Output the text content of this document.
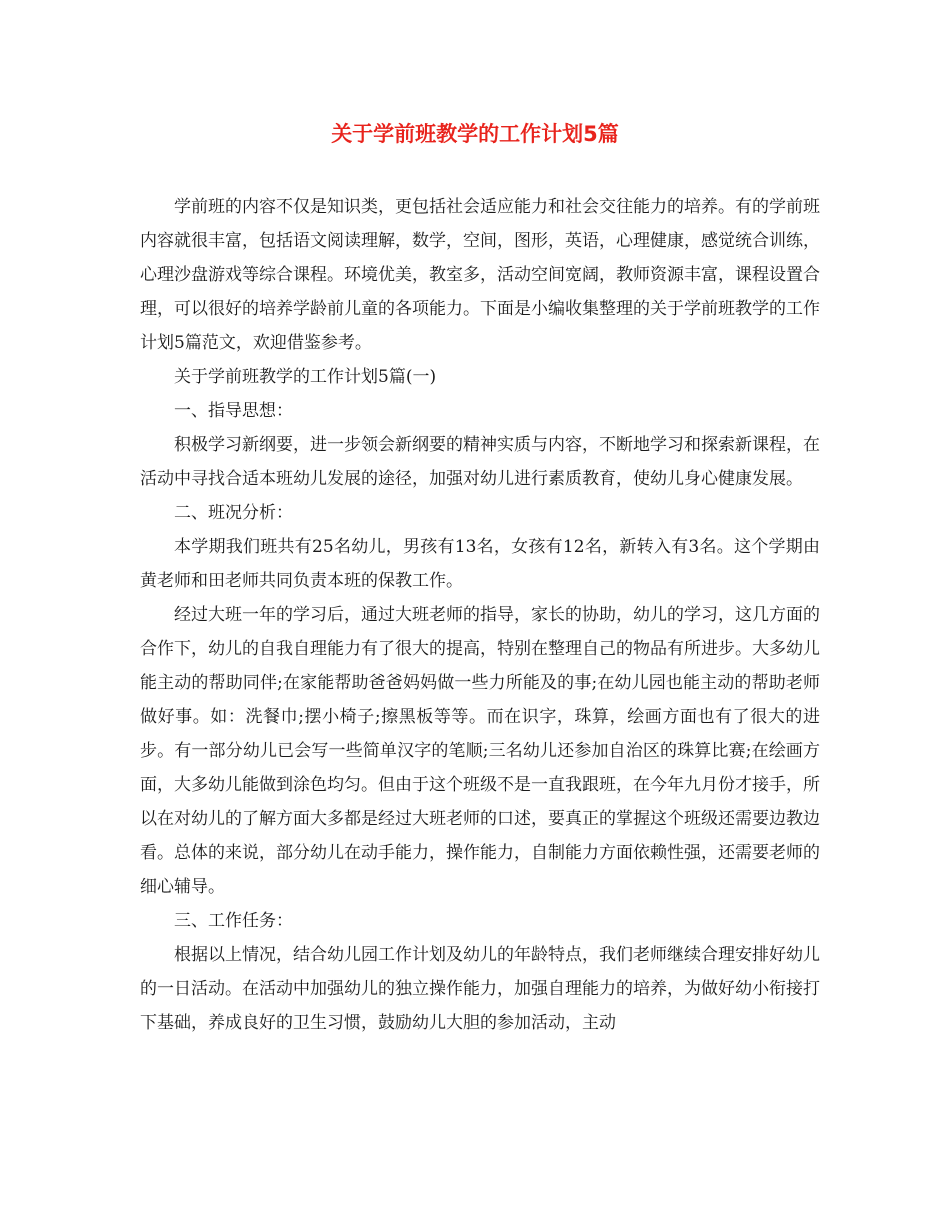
关于学前班教学的工作计划5篇

学前班的内容不仅是知识类，更包括社会适应能力和社会交往能力的培养。有的学前班内容就很丰富，包括语文阅读理解，数学，空间，图形，英语，心理健康，感觉统合训练，心理沙盘游戏等综合课程。环境优美，教室多，活动空间宽阔，教师资源丰富，课程设置合理，可以很好的培养学龄前儿童的各项能力。下面是小编收集整理的关于学前班教学的工作计划5篇范文，欢迎借鉴参考。

关于学前班教学的工作计划5篇(一)

一、指导思想：

积极学习新纲要，进一步领会新纲要的精神实质与内容，不断地学习和探索新课程，在活动中寻找合适本班幼儿发展的途径，加强对幼儿进行素质教育，使幼儿身心健康发展。

二、班况分析：

本学期我们班共有25名幼儿，男孩有13名，女孩有12名，新转入有3名。这个学期由黄老师和田老师共同负责本班的保教工作。

经过大班一年的学习后，通过大班老师的指导，家长的协助，幼儿的学习，这几方面的合作下，幼儿的自我自理能力有了很大的提高，特别在整理自己的物品有所进步。大多幼儿能主动的帮助同伴;在家能帮助爸爸妈妈做一些力所能及的事;在幼儿园也能主动的帮助老师做好事。如：洗餐巾;摆小椅子;擦黑板等等。而在识字，珠算，绘画方面也有了很大的进步。有一部分幼儿已会写一些简单汉字的笔顺;三名幼儿还参加自治区的珠算比赛;在绘画方面，大多幼儿能做到涂色均匀。但由于这个班级不是一直我跟班，在今年九月份才接手，所以在对幼儿的了解方面大多都是经过大班老师的口述，要真正的掌握这个班级还需要边教边看。总体的来说，部分幼儿在动手能力，操作能力，自制能力方面依赖性强，还需要老师的细心辅导。

三、工作任务：

根据以上情况，结合幼儿园工作计划及幼儿的年龄特点，我们老师继续合理安排好幼儿的一日活动。在活动中加强幼儿的独立操作能力，加强自理能力的培养，为做好幼小衔接打下基础，养成良好的卫生习惯，鼓励幼儿大胆的参加活动，主动
